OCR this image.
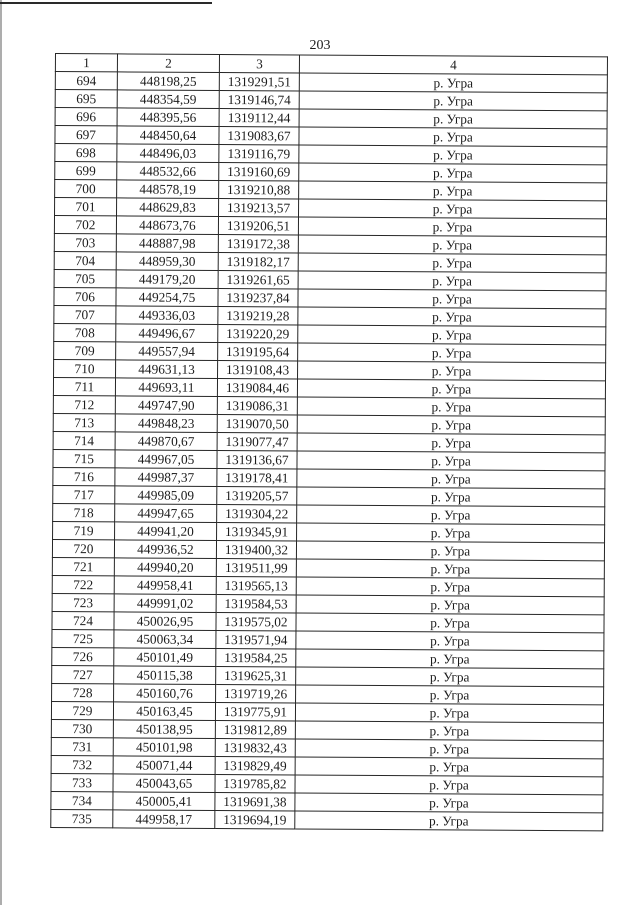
203
1	2	3	4
694	448198,25	1319291,51	р. Угра
695	448354,59	1319146,74	р. Угра
696	448395,56	1319112,44	р. Угра
697	448450,64	1319083,67	р. Угра
698	448496,03	1319116,79	р. Угра
699	448532,66	1319160,69	р. Угра
700	448578,19	1319210,88	р. Угра
701	448629,83	1319213,57	р. Угра
702	448673,76	1319206,51	р. Угра
703	448887,98	1319172,38	р. Угра
704	448959,30	1319182,17	р. Угра
705	449179,20	1319261,65	р. Угра
706	449254,75	1319237,84	р. Угра
707	449336,03	1319219,28	р. Угра
708	449496,67	1319220,29	р. Угра
709	449557,94	1319195,64	р. Угра
710	449631,13	1319108,43	р. Угра
711	449693,11	1319084,46	р. Угра
712	449747,90	1319086,31	р. Угра
713	449848,23	1319070,50	р. Угра
714	449870,67	1319077,47	р. Угра
715	449967,05	1319136,67	р. Угра
716	449987,37	1319178,41	р. Угра
717	449985,09	1319205,57	р. Угра
718	449947,65	1319304,22	р. Угра
719	449941,20	1319345,91	р. Угра
720	449936,52	1319400,32	р. Угра
721	449940,20	1319511,99	р. Угра
722	449958,41	1319565,13	р. Угра
723	449991,02	1319584,53	р. Угра
724	450026,95	1319575,02	р. Угра
725	450063,34	1319571,94	р. Угра
726	450101,49	1319584,25	р. Угра
727	450115,38	1319625,31	р. Угра
728	450160,76	1319719,26	р. Угра
729	450163,45	1319775,91	р. Угра
730	450138,95	1319812,89	р. Угра
731	450101,98	1319832,43	р. Угра
732	450071,44	1319829,49	р. Угра
733	450043,65	1319785,82	р. Угра
734	450005,41	1319691,38	р. Угра
735	449958,17	1319694,19	р. Угра
